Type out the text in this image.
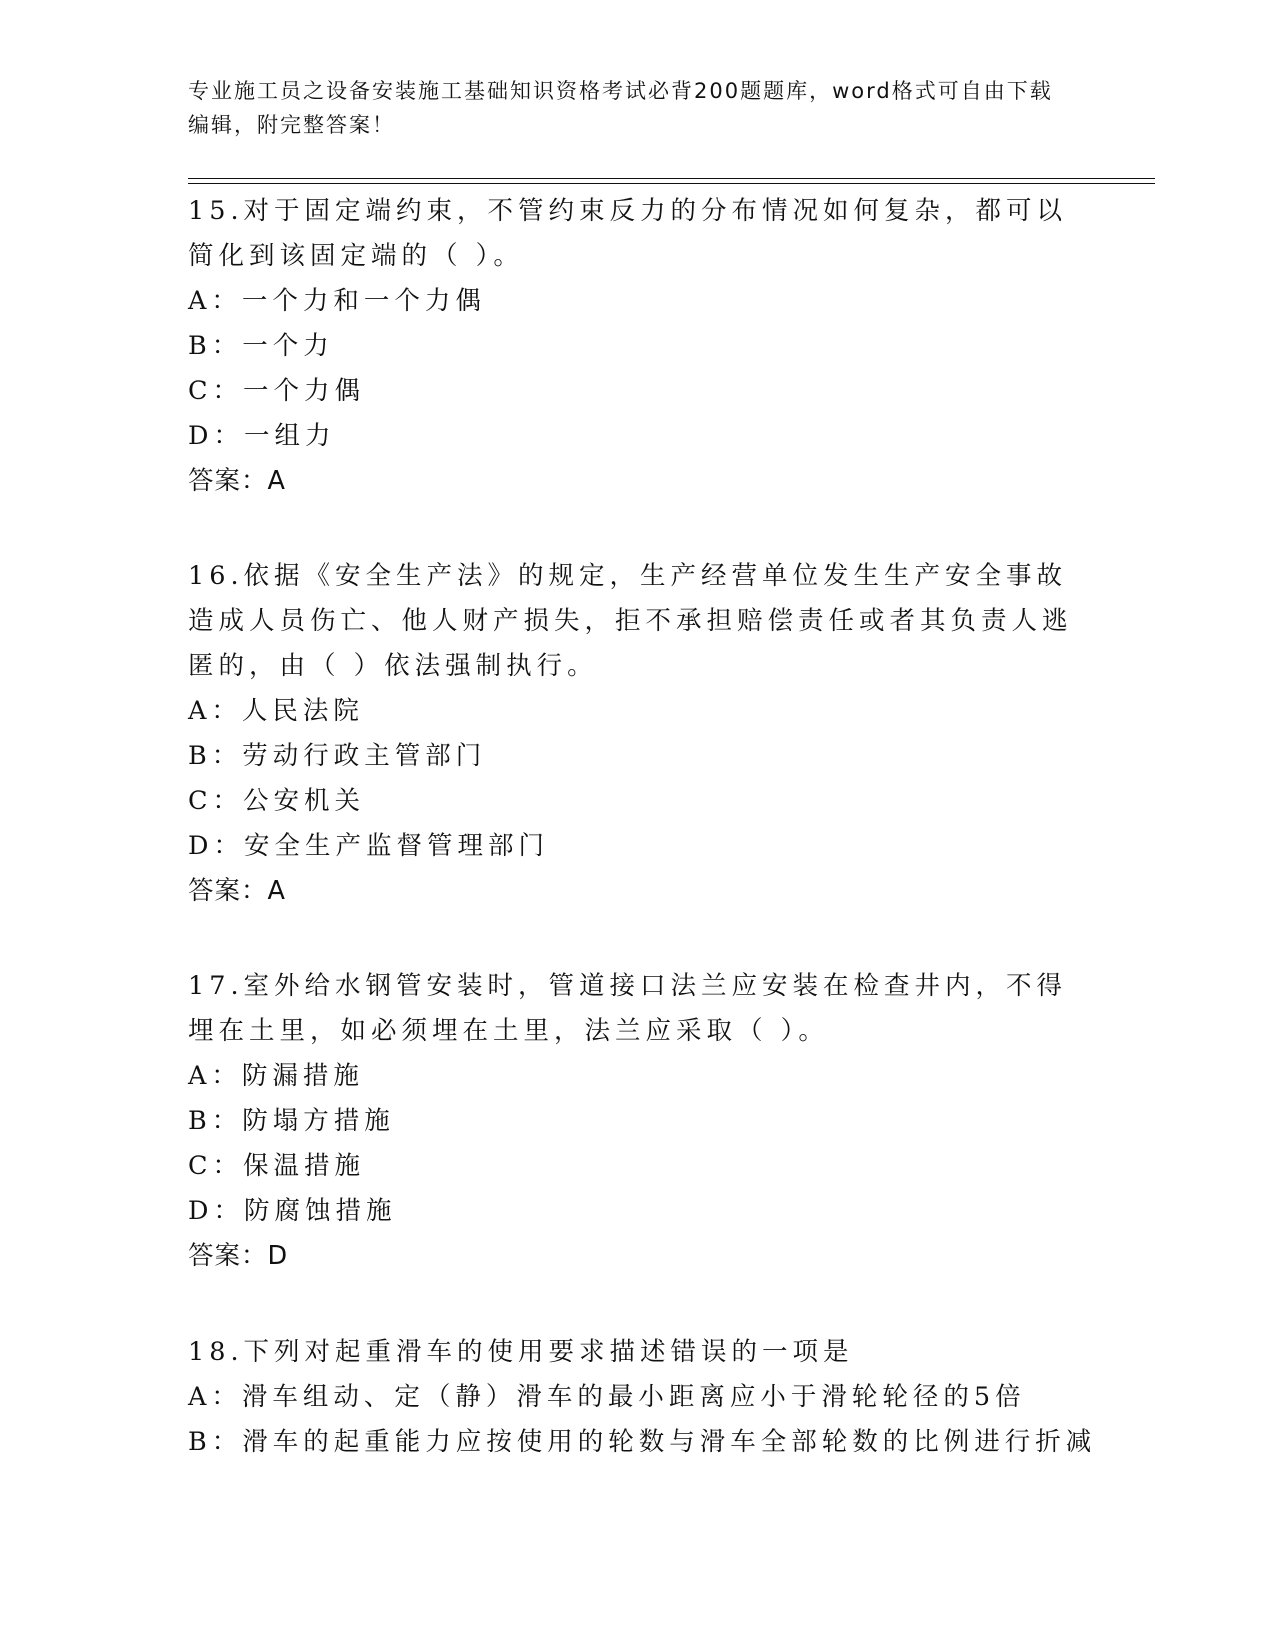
专业施工员之设备安装施工基础知识资格考试必背200题题库，word格式可自由下载编辑，附完整答案！
15.对于固定端约束，不管约束反力的分布情况如何复杂，都可以简化到该固定端的（ ）。
A：一个力和一个力偶
B：一个力
C：一个力偶
D：一组力
答案：A
16.依据《安全生产法》的规定，生产经营单位发生生产安全事故造成人员伤亡、他人财产损失，拒不承担赔偿责任或者其负责人逃匿的，由（ ）依法强制执行。
A：人民法院
B：劳动行政主管部门
C：公安机关
D：安全生产监督管理部门
答案：A
17.室外给水钢管安装时，管道接口法兰应安装在检查井内，不得埋在土里，如必须埋在土里，法兰应采取（ ）。
A：防漏措施
B：防塌方措施
C：保温措施
D：防腐蚀措施
答案：D
18.下列对起重滑车的使用要求描述错误的一项是
A：滑车组动、定（静）滑车的最小距离应小于滑轮轮径的5倍
B：滑车的起重能力应按使用的轮数与滑车全部轮数的比例进行折减
